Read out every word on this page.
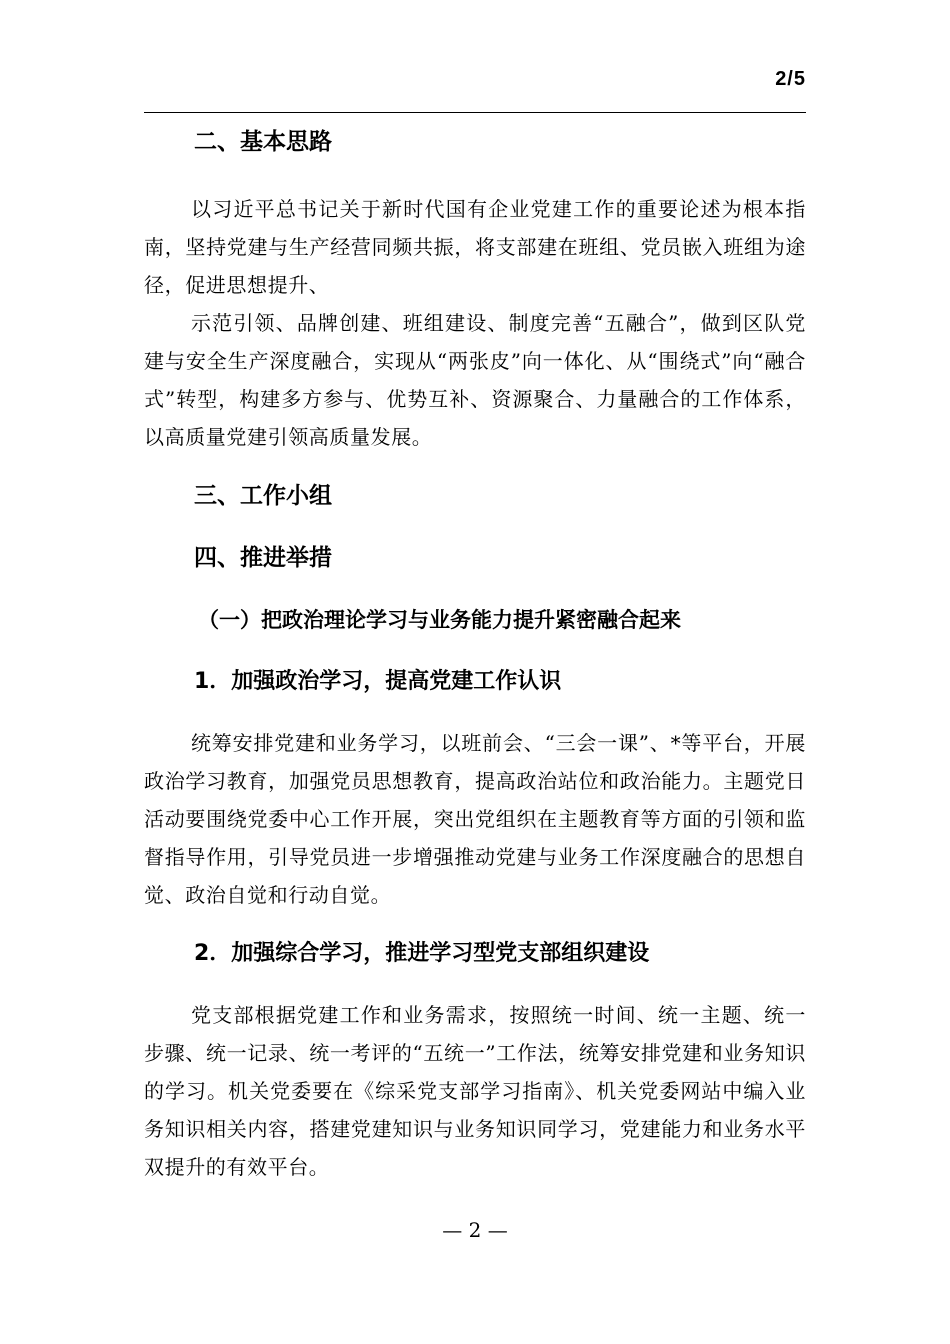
2/5
二、基本思路

以习近平总书记关于新时代国有企业党建工作的重要论述为根本指南，坚持党建与生产经营同频共振，将支部建在班组、党员嵌入班组为途径，促进思想提升、

示范引领、品牌创建、班组建设、制度完善“五融合”，做到区队党建与安全生产深度融合，实现从“两张皮”向一体化、从“围绕式”向“融合式”转型，构建多方参与、优势互补、资源聚合、力量融合的工作体系，以高质量党建引领高质量发展。

三、工作小组
四、推进举措
（一）把政治理论学习与业务能力提升紧密融合起来
1．加强政治学习，提高党建工作认识

统筹安排党建和业务学习，以班前会、“三会一课”、*等平台，开展政治学习教育，加强党员思想教育，提高政治站位和政治能力。主题党日活动要围绕党委中心工作开展，突出党组织在主题教育等方面的引领和监督指导作用，引导党员进一步增强推动党建与业务工作深度融合的思想自觉、政治自觉和行动自觉。

2．加强综合学习，推进学习型党支部组织建设

党支部根据党建工作和业务需求，按照统一时间、统一主题、统一步骤、统一记录、统一考评的“五统一”工作法，统筹安排党建和业务知识的学习。机关党委要在《综采党支部学习指南》、机关党委网站中编入业务知识相关内容，搭建党建知识与业务知识同学习，党建能力和业务水平双提升的有效平台。

— 2 —
